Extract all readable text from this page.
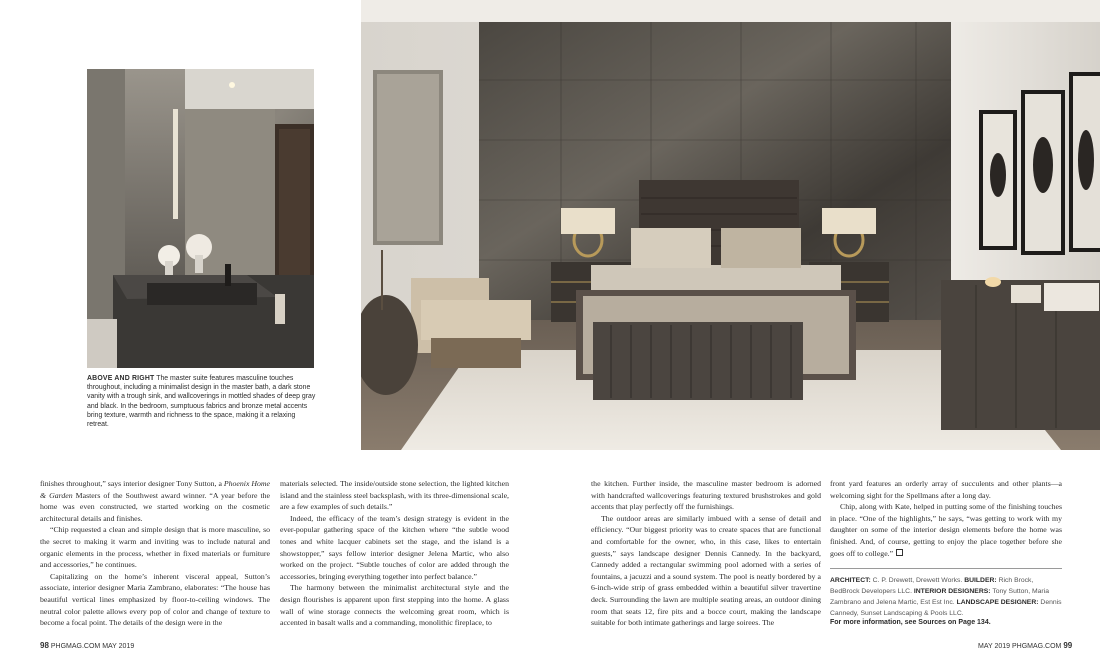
ABOVE AND RIGHT The master suite features masculine touches throughout, including a minimalist design in the master bath, a dark stone vanity with a trough sink, and wallcoverings in mottled shades of deep gray and black. In the bedroom, sumptuous fabrics and bronze metal accents bring texture, warmth and richness to the space, making it a relaxing retreat.

finishes throughout,” says interior designer Tony Sutton, a Phoenix Home & Garden Masters of the Southwest award winner. “A year before the home was even constructed, we started working on the cosmetic architectural details and finishes.

“Chip requested a clean and simple design that is more masculine, so the secret to making it warm and inviting was to include natural and organic elements in the process, whether in fixed materials or furniture and accessories,” he continues.

Capitalizing on the home’s inherent visceral appeal, Sutton’s associate, interior designer Maria Zambrano, elaborates: “The house has beautiful vertical lines emphasized by floor-to-ceiling windows. The neutral color palette allows every pop of color and change of texture to become a focal point. The details of the design were in the

materials selected. The inside/outside stone selection, the lighted kitchen island and the stainless steel backsplash, with its three-dimensional scale, are a few examples of such details.”

Indeed, the efficacy of the team’s design strategy is evident in the ever-popular gathering space of the kitchen where “the subtle wood tones and white lacquer cabinets set the stage, and the island is a showstopper,” says fellow interior designer Jelena Martic, who also worked on the project. “Subtle touches of color are added through the accessories, bringing everything together into perfect balance.”

The harmony between the minimalist architectural style and the design flourishes is apparent upon first stepping into the home. A glass wall of wine storage connects the welcoming great room, which is accented in basalt walls and a commanding, monolithic fireplace, to

the kitchen. Further inside, the masculine master bedroom is adorned with handcrafted wallcoverings featuring textured brushstrokes and gold accents that play perfectly off the furnishings.

The outdoor areas are similarly imbued with a sense of detail and efficiency. “Our biggest priority was to create spaces that are functional and comfortable for the owner, who, in this case, likes to entertain guests,” says landscape designer Dennis Cannedy. In the backyard, Cannedy added a rectangular swimming pool adorned with a series of fountains, a jacuzzi and a sound system. The pool is neatly bordered by a 6-inch-wide strip of grass embedded within a beautiful silver travertine deck. Surrounding the lawn are multiple seating areas, an outdoor dining room that seats 12, fire pits and a bocce court, making the landscape suitable for both intimate gatherings and large soirees. The

front yard features an orderly array of succulents and other plants—a welcoming sight for the Spellmans after a long day.

Chip, along with Kate, helped in putting some of the finishing touches in place. “One of the highlights,” he says, “was getting to work with my daughter on some of the interior design elements before the home was finished. And, of course, getting to enjoy the place together before she goes off to college.”

ARCHITECT: C. P. Drewett, Drewett Works. BUILDER: Rich Brock, BedBrock Developers LLC. INTERIOR DESIGNERS: Tony Sutton, Maria Zambrano and Jelena Martic, Est Est Inc. LANDSCAPE DESIGNER: Dennis Cannedy, Sunset Landscaping & Pools LLC.

For more information, see Sources on Page 134.
98 PHGMAG.COM MAY 2019	MAY 2019 PHGMAG.COM 99
